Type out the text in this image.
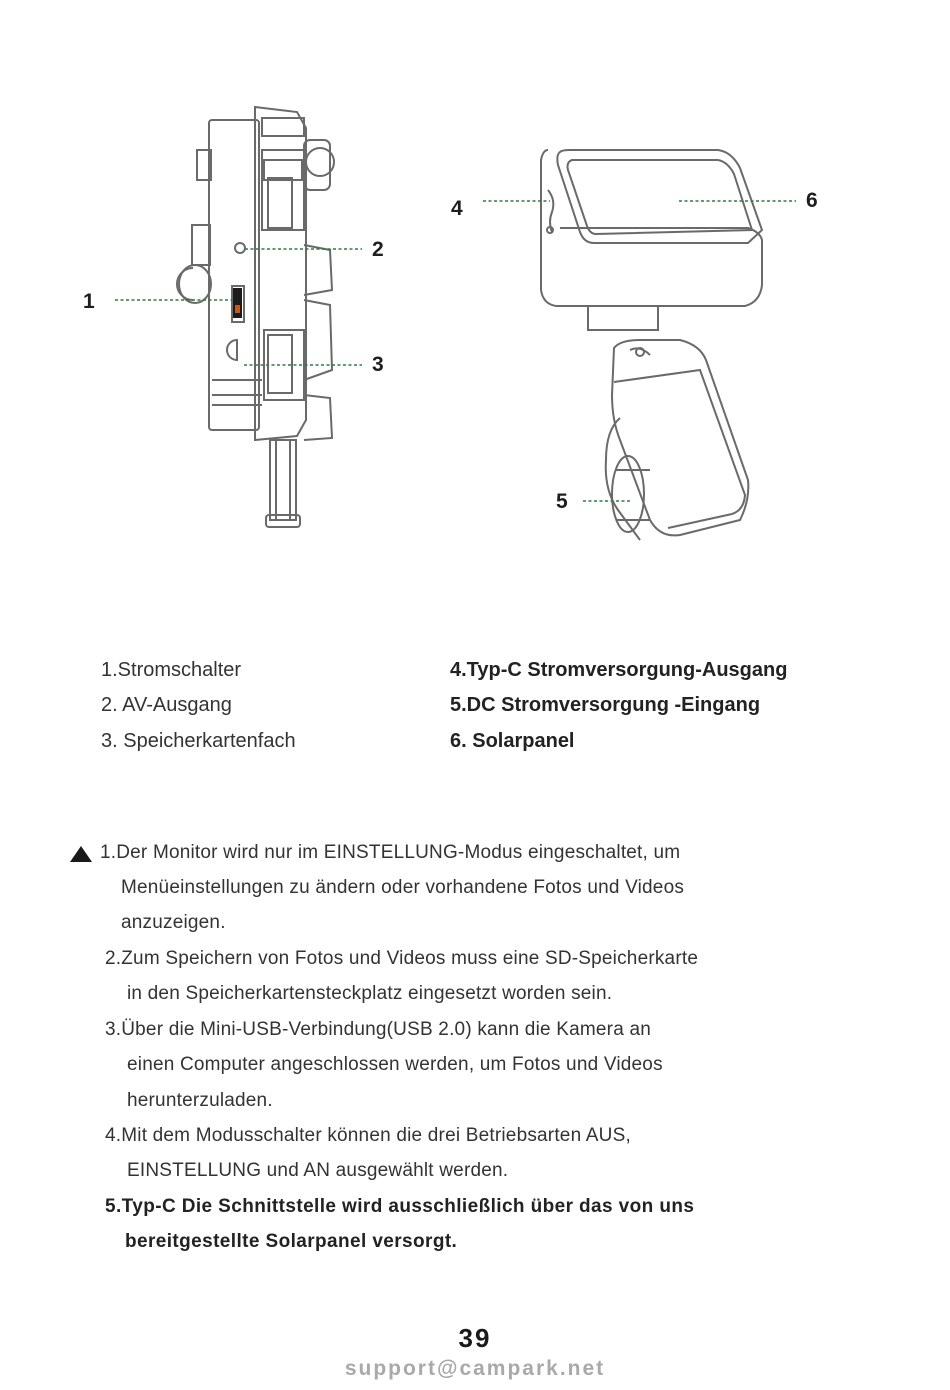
1
2
3
4
5
6
1.Stromschalter
2. AV-Ausgang
3. Speicherkartenfach
4.Typ-C Stromversorgung-Ausgang
5.DC Stromversorgung -Eingang
6. Solarpanel
1.Der Monitor wird nur im EINSTELLUNG-Modus eingeschaltet, um
Menüeinstellungen zu ändern oder vorhandene Fotos und Videos
anzuzeigen.
2.Zum Speichern von Fotos und Videos muss eine SD-Speicherkarte
in den Speicherkartensteckplatz eingesetzt worden sein.
3.Über die Mini-USB-Verbindung(USB 2.0) kann die Kamera an
einen Computer angeschlossen werden, um Fotos und Videos
herunterzuladen.
4.Mit dem Modusschalter können die drei Betriebsarten AUS,
EINSTELLUNG und AN ausgewählt werden.
5.Typ-C Die Schnittstelle wird ausschließlich über das von uns
bereitgestellte Solarpanel versorgt.
39
support@campark.net
